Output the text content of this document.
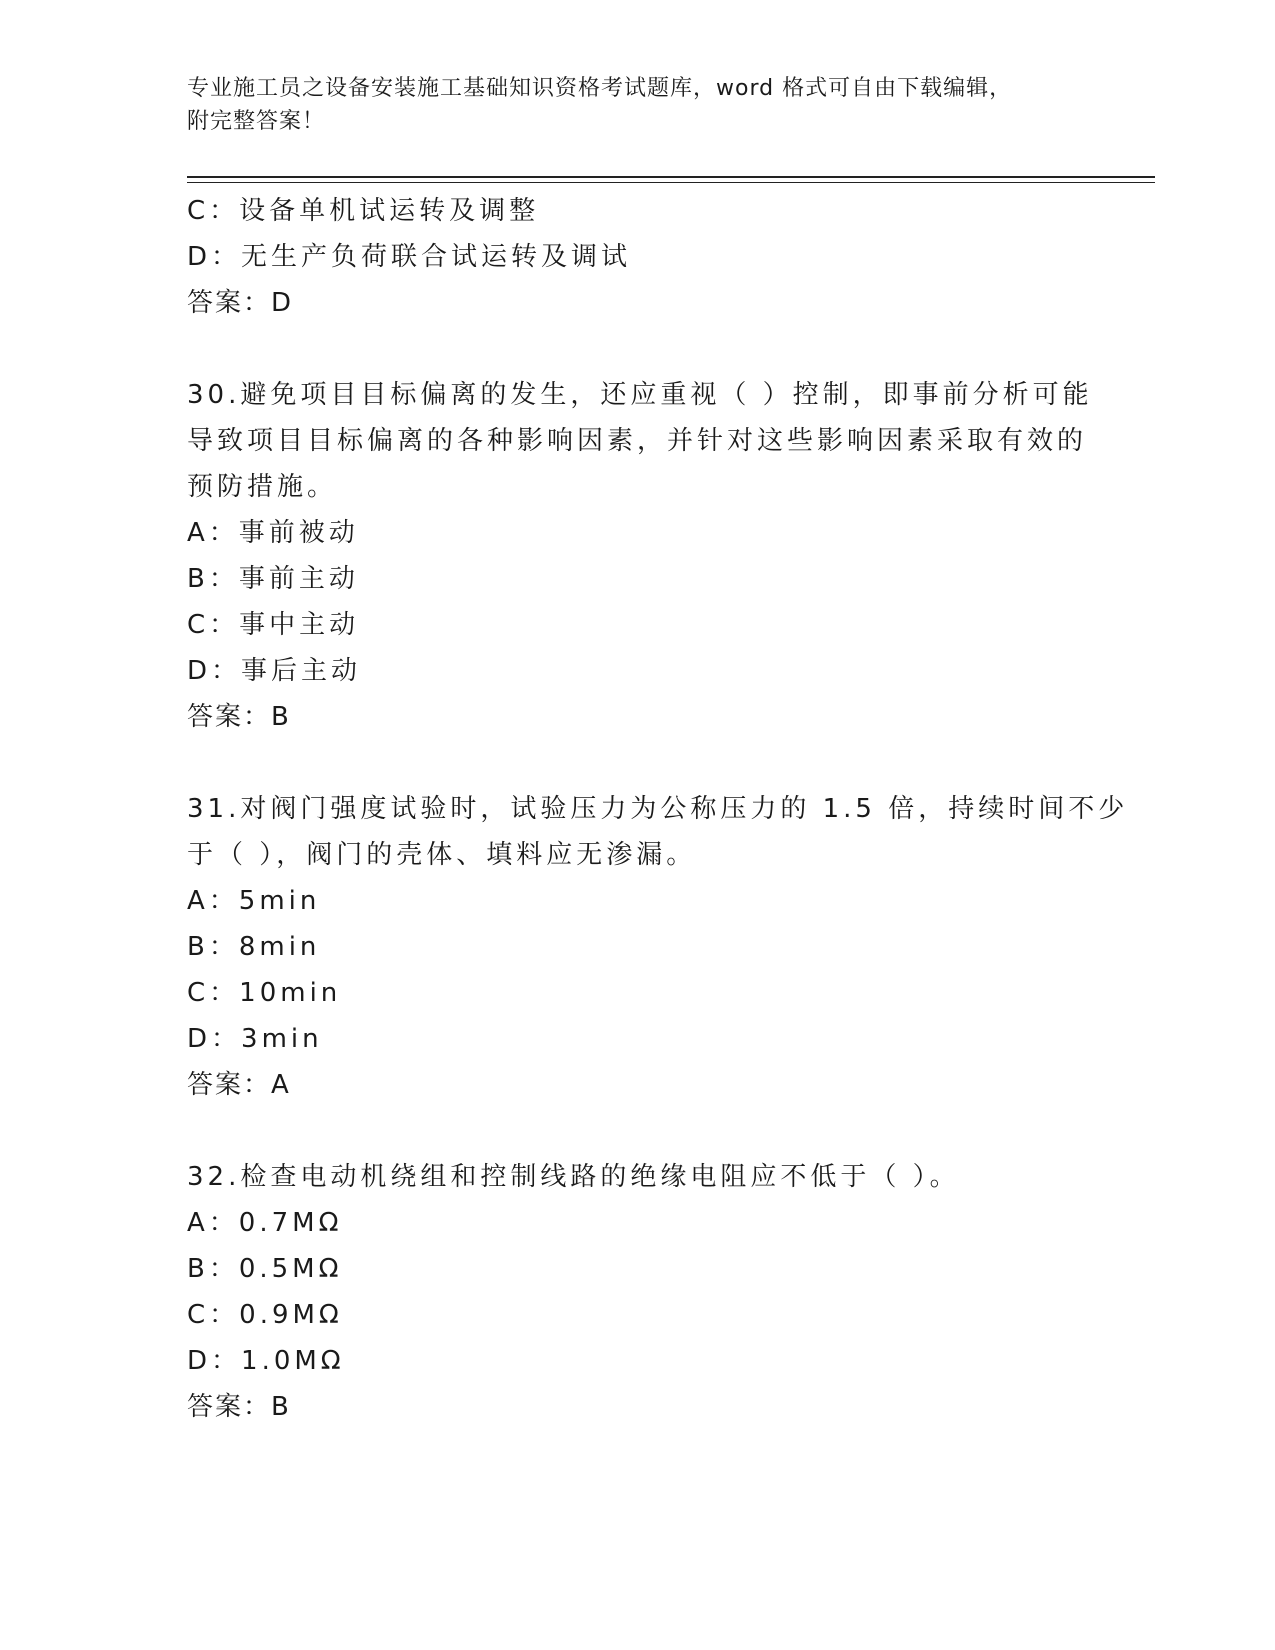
专业施工员之设备安装施工基础知识资格考试题库，word 格式可自由下载编辑，
附完整答案！
C：设备单机试运转及调整
D：无生产负荷联合试运转及调试
答案：D
30.避免项目目标偏离的发生，还应重视（ ）控制，即事前分析可能
导致项目目标偏离的各种影响因素，并针对这些影响因素采取有效的
预防措施。
A：事前被动
B：事前主动
C：事中主动
D：事后主动
答案：B
31.对阀门强度试验时，试验压力为公称压力的 1.5 倍，持续时间不少
于（ ），阀门的壳体、填料应无渗漏。
A：5min
B：8min
C：10min
D：3min
答案：A
32.检查电动机绕组和控制线路的绝缘电阻应不低于（ ）。
A：0.7MΩ
B：0.5MΩ
C：0.9MΩ
D：1.0MΩ
答案：B
